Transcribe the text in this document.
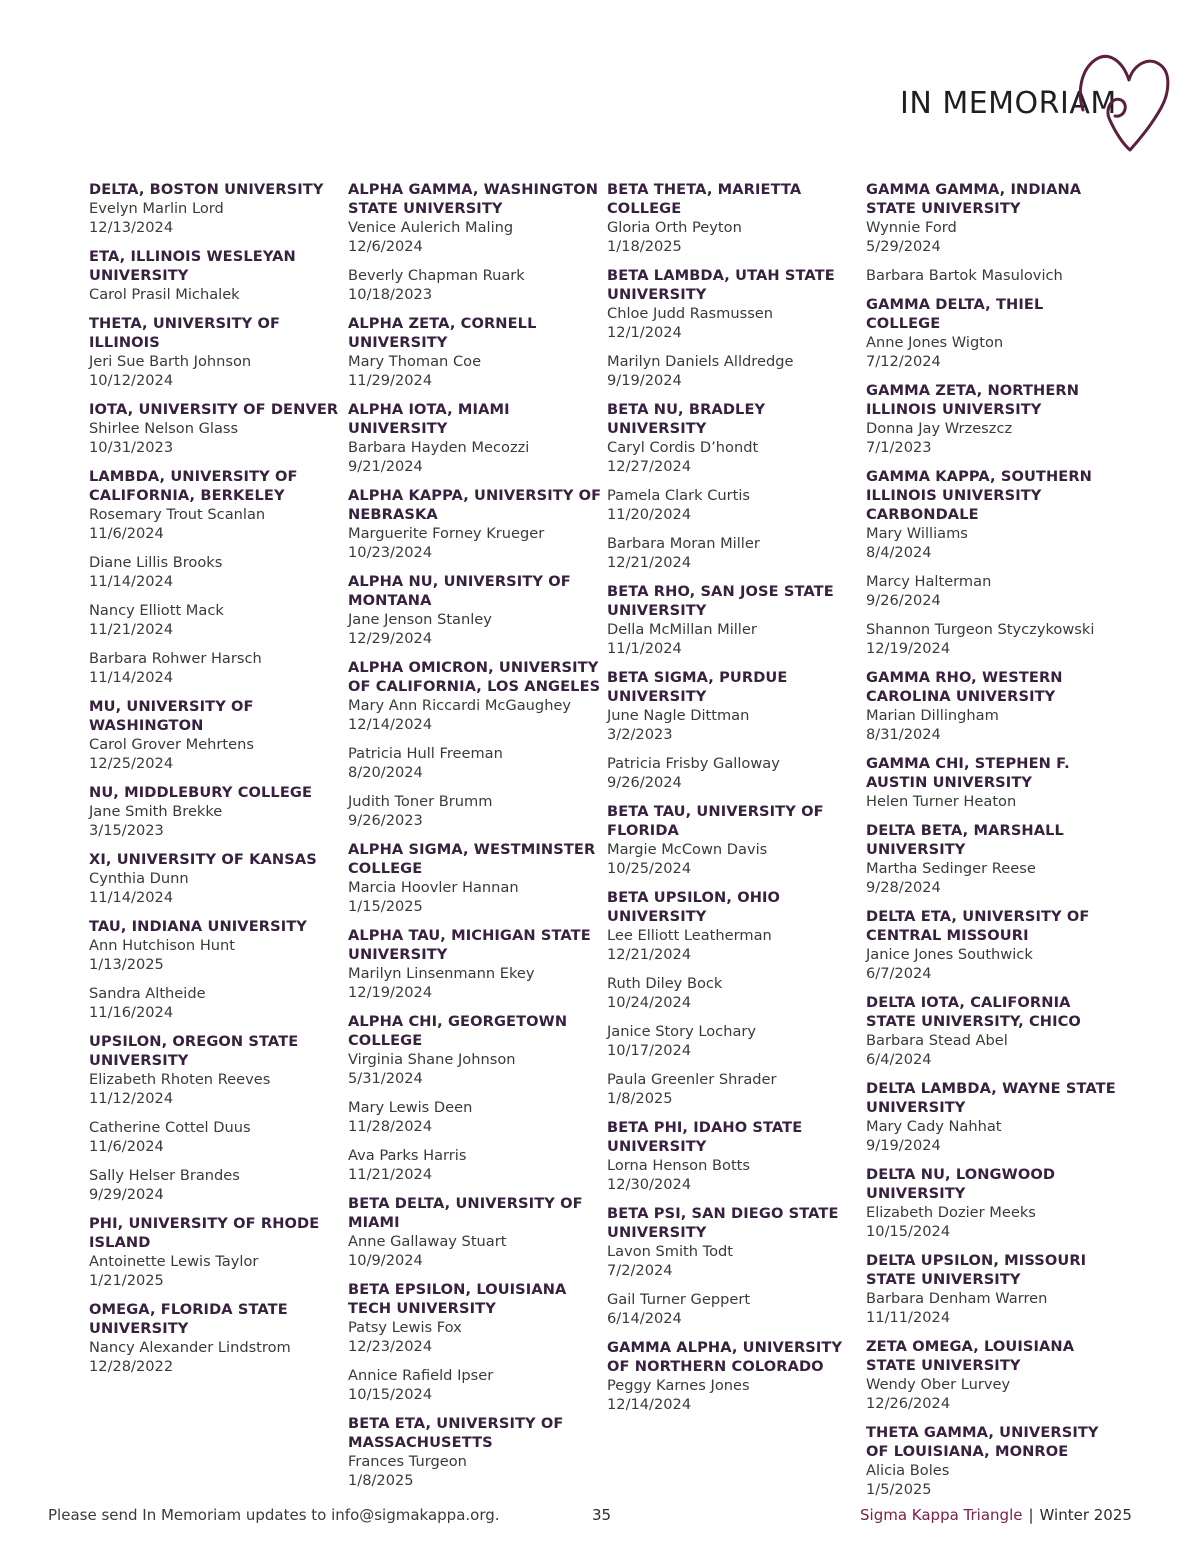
IN MEMORIAM
DELTA, BOSTON UNIVERSITY
Evelyn Marlin Lord
12/13/2024
ETA, ILLINOIS WESLEYAN UNIVERSITY
Carol Prasil Michalek
THETA, UNIVERSITY OF ILLINOIS
Jeri Sue Barth Johnson
10/12/2024
IOTA, UNIVERSITY OF DENVER
Shirlee Nelson Glass
10/31/2023
LAMBDA, UNIVERSITY OF CALIFORNIA, BERKELEY
Rosemary Trout Scanlan
11/6/2024
Diane Lillis Brooks
11/14/2024
Nancy Elliott Mack
11/21/2024
Barbara Rohwer Harsch
11/14/2024
MU, UNIVERSITY OF WASHINGTON
Carol Grover Mehrtens
12/25/2024
NU, MIDDLEBURY COLLEGE
Jane Smith Brekke
3/15/2023
XI, UNIVERSITY OF KANSAS
Cynthia Dunn
11/14/2024
TAU, INDIANA UNIVERSITY
Ann Hutchison Hunt
1/13/2025
Sandra Altheide
11/16/2024
UPSILON, OREGON STATE UNIVERSITY
Elizabeth Rhoten Reeves
11/12/2024
Catherine Cottel Duus
11/6/2024
Sally Helser Brandes
9/29/2024
PHI, UNIVERSITY OF RHODE ISLAND
Antoinette Lewis Taylor
1/21/2025
OMEGA, FLORIDA STATE UNIVERSITY
Nancy Alexander Lindstrom
12/28/2022
ALPHA GAMMA, WASHINGTON STATE UNIVERSITY
Venice Aulerich Maling
12/6/2024
Beverly Chapman Ruark
10/18/2023
ALPHA ZETA, CORNELL UNIVERSITY
Mary Thoman Coe
11/29/2024
ALPHA IOTA, MIAMI UNIVERSITY
Barbara Hayden Mecozzi
9/21/2024
ALPHA KAPPA, UNIVERSITY OF NEBRASKA
Marguerite Forney Krueger
10/23/2024
ALPHA NU, UNIVERSITY OF MONTANA
Jane Jenson Stanley
12/29/2024
ALPHA OMICRON, UNIVERSITY OF CALIFORNIA, LOS ANGELES
Mary Ann Riccardi McGaughey
12/14/2024
Patricia Hull Freeman
8/20/2024
Judith Toner Brumm
9/26/2023
ALPHA SIGMA, WESTMINSTER COLLEGE
Marcia Hoovler Hannan
1/15/2025
ALPHA TAU, MICHIGAN STATE UNIVERSITY
Marilyn Linsenmann Ekey
12/19/2024
ALPHA CHI, GEORGETOWN COLLEGE
Virginia Shane Johnson
5/31/2024
Mary Lewis Deen
11/28/2024
Ava Parks Harris
11/21/2024
BETA DELTA, UNIVERSITY OF MIAMI
Anne Gallaway Stuart
10/9/2024
BETA EPSILON, LOUISIANA TECH UNIVERSITY
Patsy Lewis Fox
12/23/2024
Annice Rafield Ipser
10/15/2024
BETA ETA, UNIVERSITY OF MASSACHUSETTS
Frances Turgeon
1/8/2025
BETA THETA, MARIETTA COLLEGE
Gloria Orth Peyton
1/18/2025
BETA LAMBDA, UTAH STATE UNIVERSITY
Chloe Judd Rasmussen
12/1/2024
Marilyn Daniels Alldredge
9/19/2024
BETA NU, BRADLEY UNIVERSITY
Caryl Cordis D’hondt
12/27/2024
Pamela Clark Curtis
11/20/2024
Barbara Moran Miller
12/21/2024
BETA RHO, SAN JOSE STATE UNIVERSITY
Della McMillan Miller
11/1/2024
BETA SIGMA, PURDUE UNIVERSITY
June Nagle Dittman
3/2/2023
Patricia Frisby Galloway
9/26/2024
BETA TAU, UNIVERSITY OF FLORIDA
Margie McCown Davis
10/25/2024
BETA UPSILON, OHIO UNIVERSITY
Lee Elliott Leatherman
12/21/2024
Ruth Diley Bock
10/24/2024
Janice Story Lochary
10/17/2024
Paula Greenler Shrader
1/8/2025
BETA PHI, IDAHO STATE UNIVERSITY
Lorna Henson Botts
12/30/2024
BETA PSI, SAN DIEGO STATE UNIVERSITY
Lavon Smith Todt
7/2/2024
Gail Turner Geppert
6/14/2024
GAMMA ALPHA, UNIVERSITY OF NORTHERN COLORADO
Peggy Karnes Jones
12/14/2024
GAMMA GAMMA, INDIANA STATE UNIVERSITY
Wynnie Ford
5/29/2024
Barbara Bartok Masulovich
GAMMA DELTA, THIEL COLLEGE
Anne Jones Wigton
7/12/2024
GAMMA ZETA, NORTHERN ILLINOIS UNIVERSITY
Donna Jay Wrzeszcz
7/1/2023
GAMMA KAPPA, SOUTHERN ILLINOIS UNIVERSITY CARBONDALE
Mary Williams
8/4/2024
Marcy Halterman
9/26/2024
Shannon Turgeon Styczykowski
12/19/2024
GAMMA RHO, WESTERN CAROLINA UNIVERSITY
Marian Dillingham
8/31/2024
GAMMA CHI, STEPHEN F. AUSTIN UNIVERSITY
Helen Turner Heaton
DELTA BETA, MARSHALL UNIVERSITY
Martha Sedinger Reese
9/28/2024
DELTA ETA, UNIVERSITY OF CENTRAL MISSOURI
Janice Jones Southwick
6/7/2024
DELTA IOTA, CALIFORNIA STATE UNIVERSITY, CHICO
Barbara Stead Abel
6/4/2024
DELTA LAMBDA, WAYNE STATE UNIVERSITY
Mary Cady Nahhat
9/19/2024
DELTA NU, LONGWOOD UNIVERSITY
Elizabeth Dozier Meeks
10/15/2024
DELTA UPSILON, MISSOURI STATE UNIVERSITY
Barbara Denham Warren
11/11/2024
ZETA OMEGA, LOUISIANA STATE UNIVERSITY
Wendy Ober Lurvey
12/26/2024
THETA GAMMA, UNIVERSITY OF LOUISIANA, MONROE
Alicia Boles
1/5/2025
Please send In Memoriam updates to info@sigmakappa.org.	35	Sigma Kappa Triangle | Winter 2025
